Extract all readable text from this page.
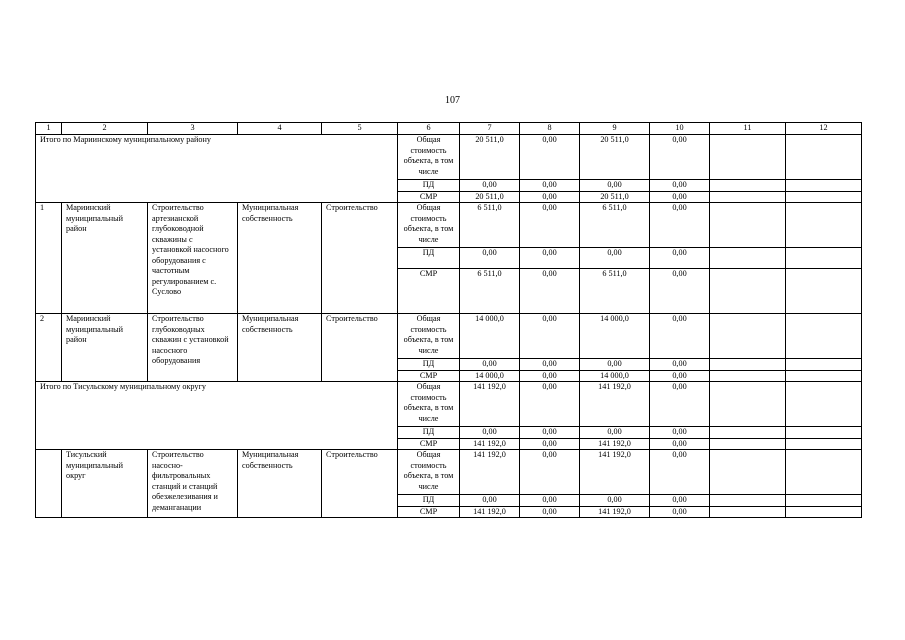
107
1	2	3	4	5	6	7	8	9	10	11	12
Итого по Мариинскому муниципальному району					Общая стоимость объекта, в том числе	20 511,0	0,00	20 511,0	0,00		
					ПД	0,00	0,00	0,00	0,00		
					СМР	20 511,0	0,00	20 511,0	0,00		
1	Мариинский муниципальный район	Строительство артезианской глубоководной скважины с установкой насосного оборудования с частотным регулированием с. Суслово	Муниципальная собственность	Строительство	Общая стоимость объекта, в том числе	6 511,0	0,00	6 511,0	0,00		
					ПД	0,00	0,00	0,00	0,00		
					СМР	6 511,0	0,00	6 511,0	0,00		
2	Мариинский муниципальный район	Строительство глубоководных скважин с установкой насосного оборудования	Муниципальная собственность	Строительство	Общая стоимость объекта, в том числе	14 000,0	0,00	14 000,0	0,00		
					ПД	0,00	0,00	0,00	0,00		
					СМР	14 000,0	0,00	14 000,0	0,00		
Итого по Тисульскому муниципальному округу					Общая стоимость объекта, в том числе	141 192,0	0,00	141 192,0	0,00		
					ПД	0,00	0,00	0,00	0,00		
					СМР	141 192,0	0,00	141 192,0	0,00		
	Тисульский муниципальный округ	Строительство насосно-фильтровальных станций и станций обезжелезивания и деманганации	Муниципальная собственность	Строительство	Общая стоимость объекта, в том числе	141 192,0	0,00	141 192,0	0,00		
					ПД	0,00	0,00	0,00	0,00		
					СМР	141 192,0	0,00	141 192,0	0,00		
